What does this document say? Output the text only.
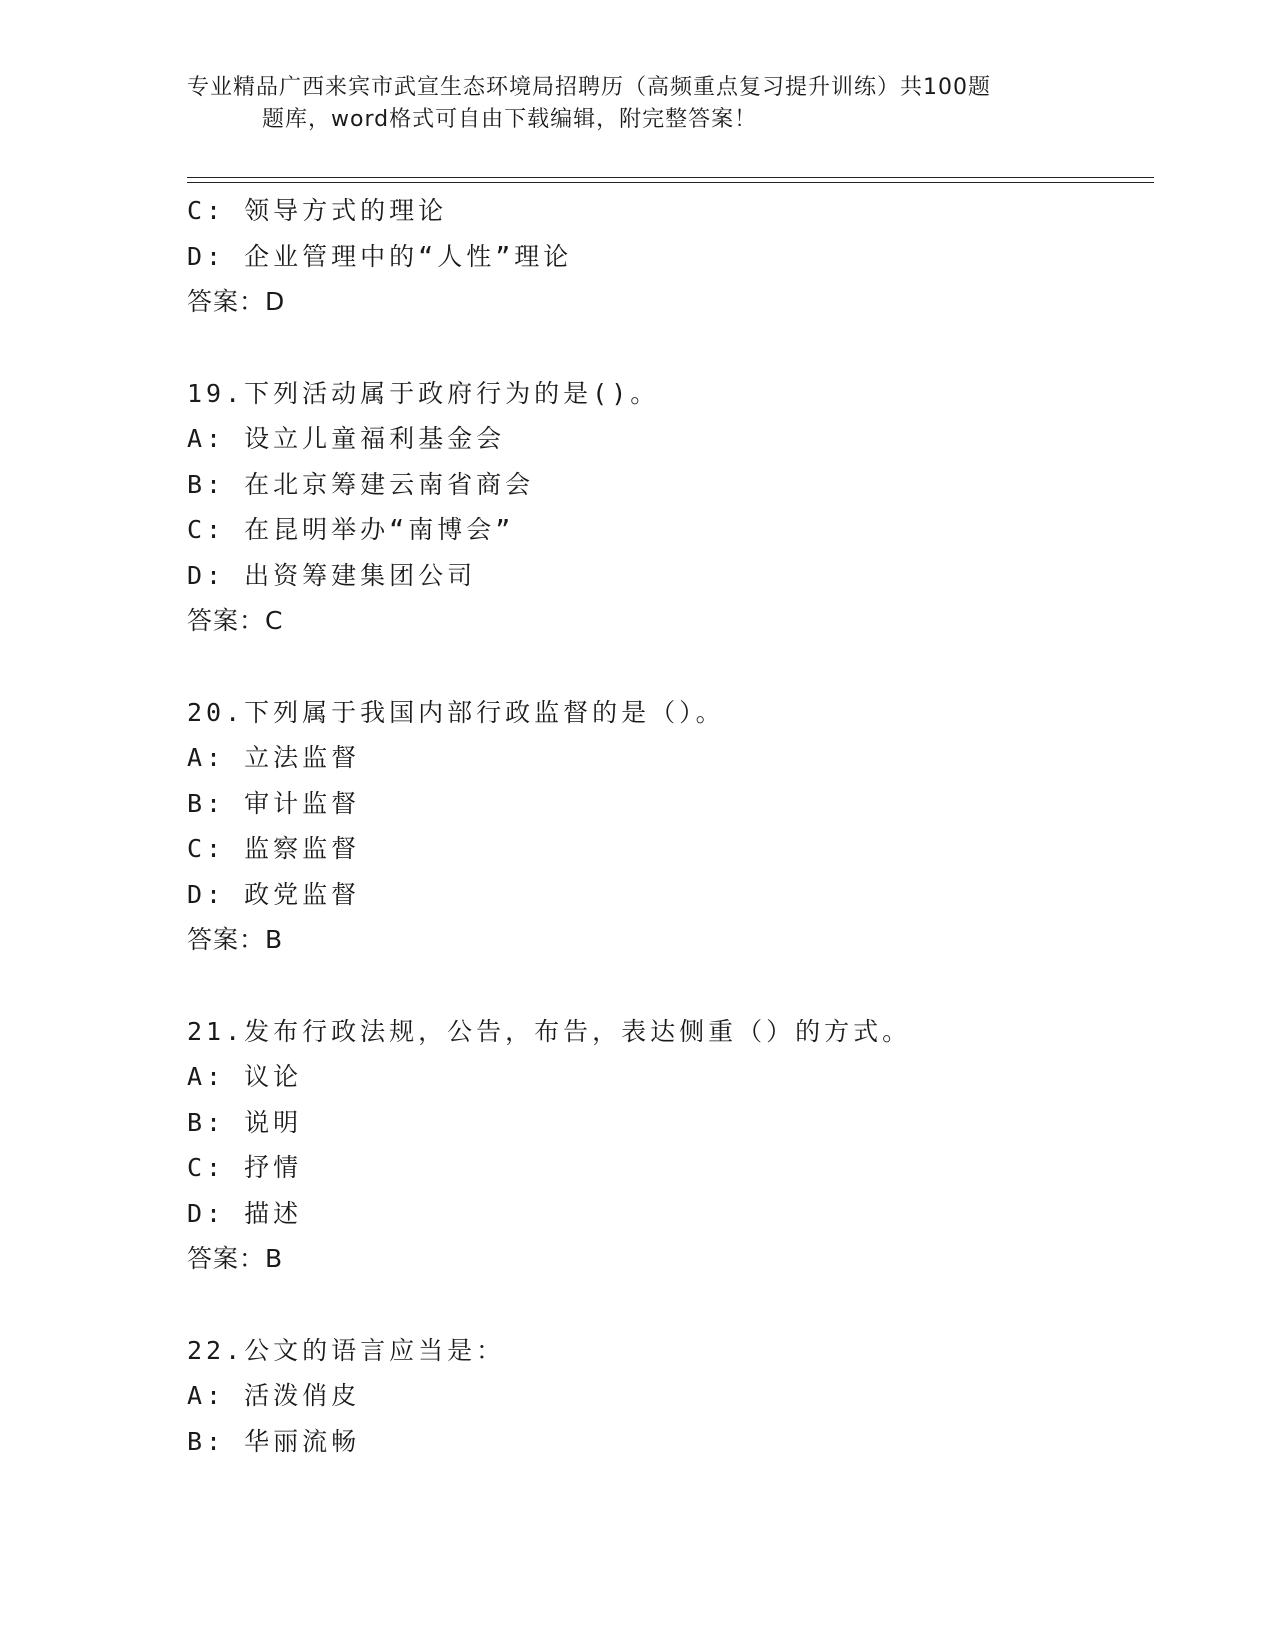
专业精品广西来宾市武宣生态环境局招聘历（高频重点复习提升训练）共100题
题库，word格式可自由下载编辑，附完整答案！
C: 领导方式的理论
D: 企业管理中的“人性”理论
答案：D
19.下列活动属于政府行为的是()。
A: 设立儿童福利基金会
B: 在北京筹建云南省商会
C: 在昆明举办“南博会”
D: 出资筹建集团公司
答案：C
20.下列属于我国内部行政监督的是（）。
A: 立法监督
B: 审计监督
C: 监察监督
D: 政党监督
答案：B
21.发布行政法规，公告，布告，表达侧重（）的方式。
A: 议论
B: 说明
C: 抒情
D: 描述
答案：B
22.公文的语言应当是：
A: 活泼俏皮
B: 华丽流畅
